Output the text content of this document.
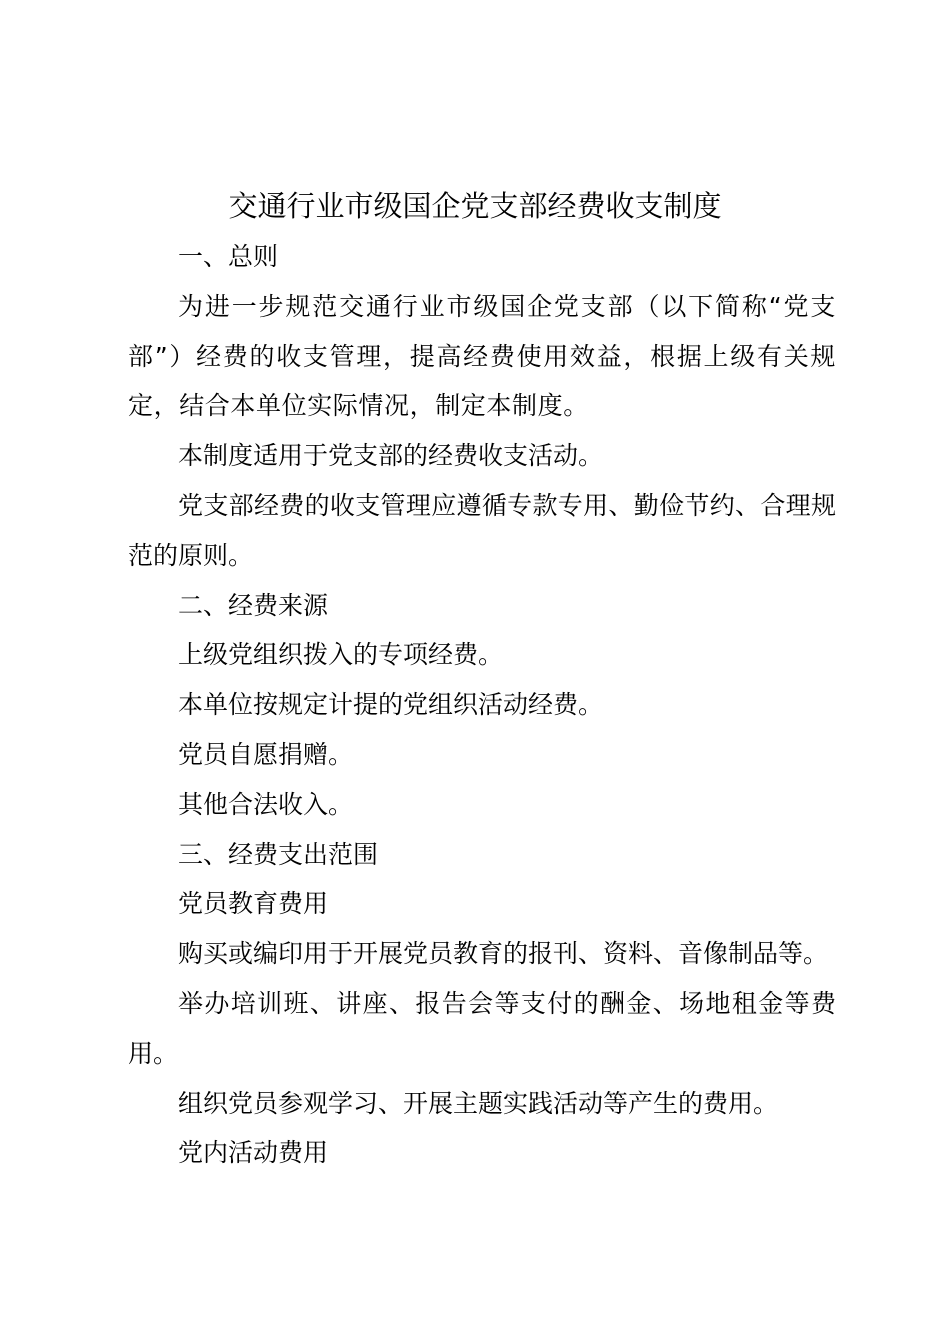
交通行业市级国企党支部经费收支制度

一、总则

为进一步规范交通行业市级国企党支部（以下简称“党支部”）经费的收支管理，提高经费使用效益，根据上级有关规定，结合本单位实际情况，制定本制度。

本制度适用于党支部的经费收支活动。

党支部经费的收支管理应遵循专款专用、勤俭节约、合理规范的原则。

二、经费来源

上级党组织拨入的专项经费。

本单位按规定计提的党组织活动经费。

党员自愿捐赠。

其他合法收入。

三、经费支出范围

党员教育费用

购买或编印用于开展党员教育的报刊、资料、音像制品等。

举办培训班、讲座、报告会等支付的酬金、场地租金等费用。

组织党员参观学习、开展主题实践活动等产生的费用。

党内活动费用
